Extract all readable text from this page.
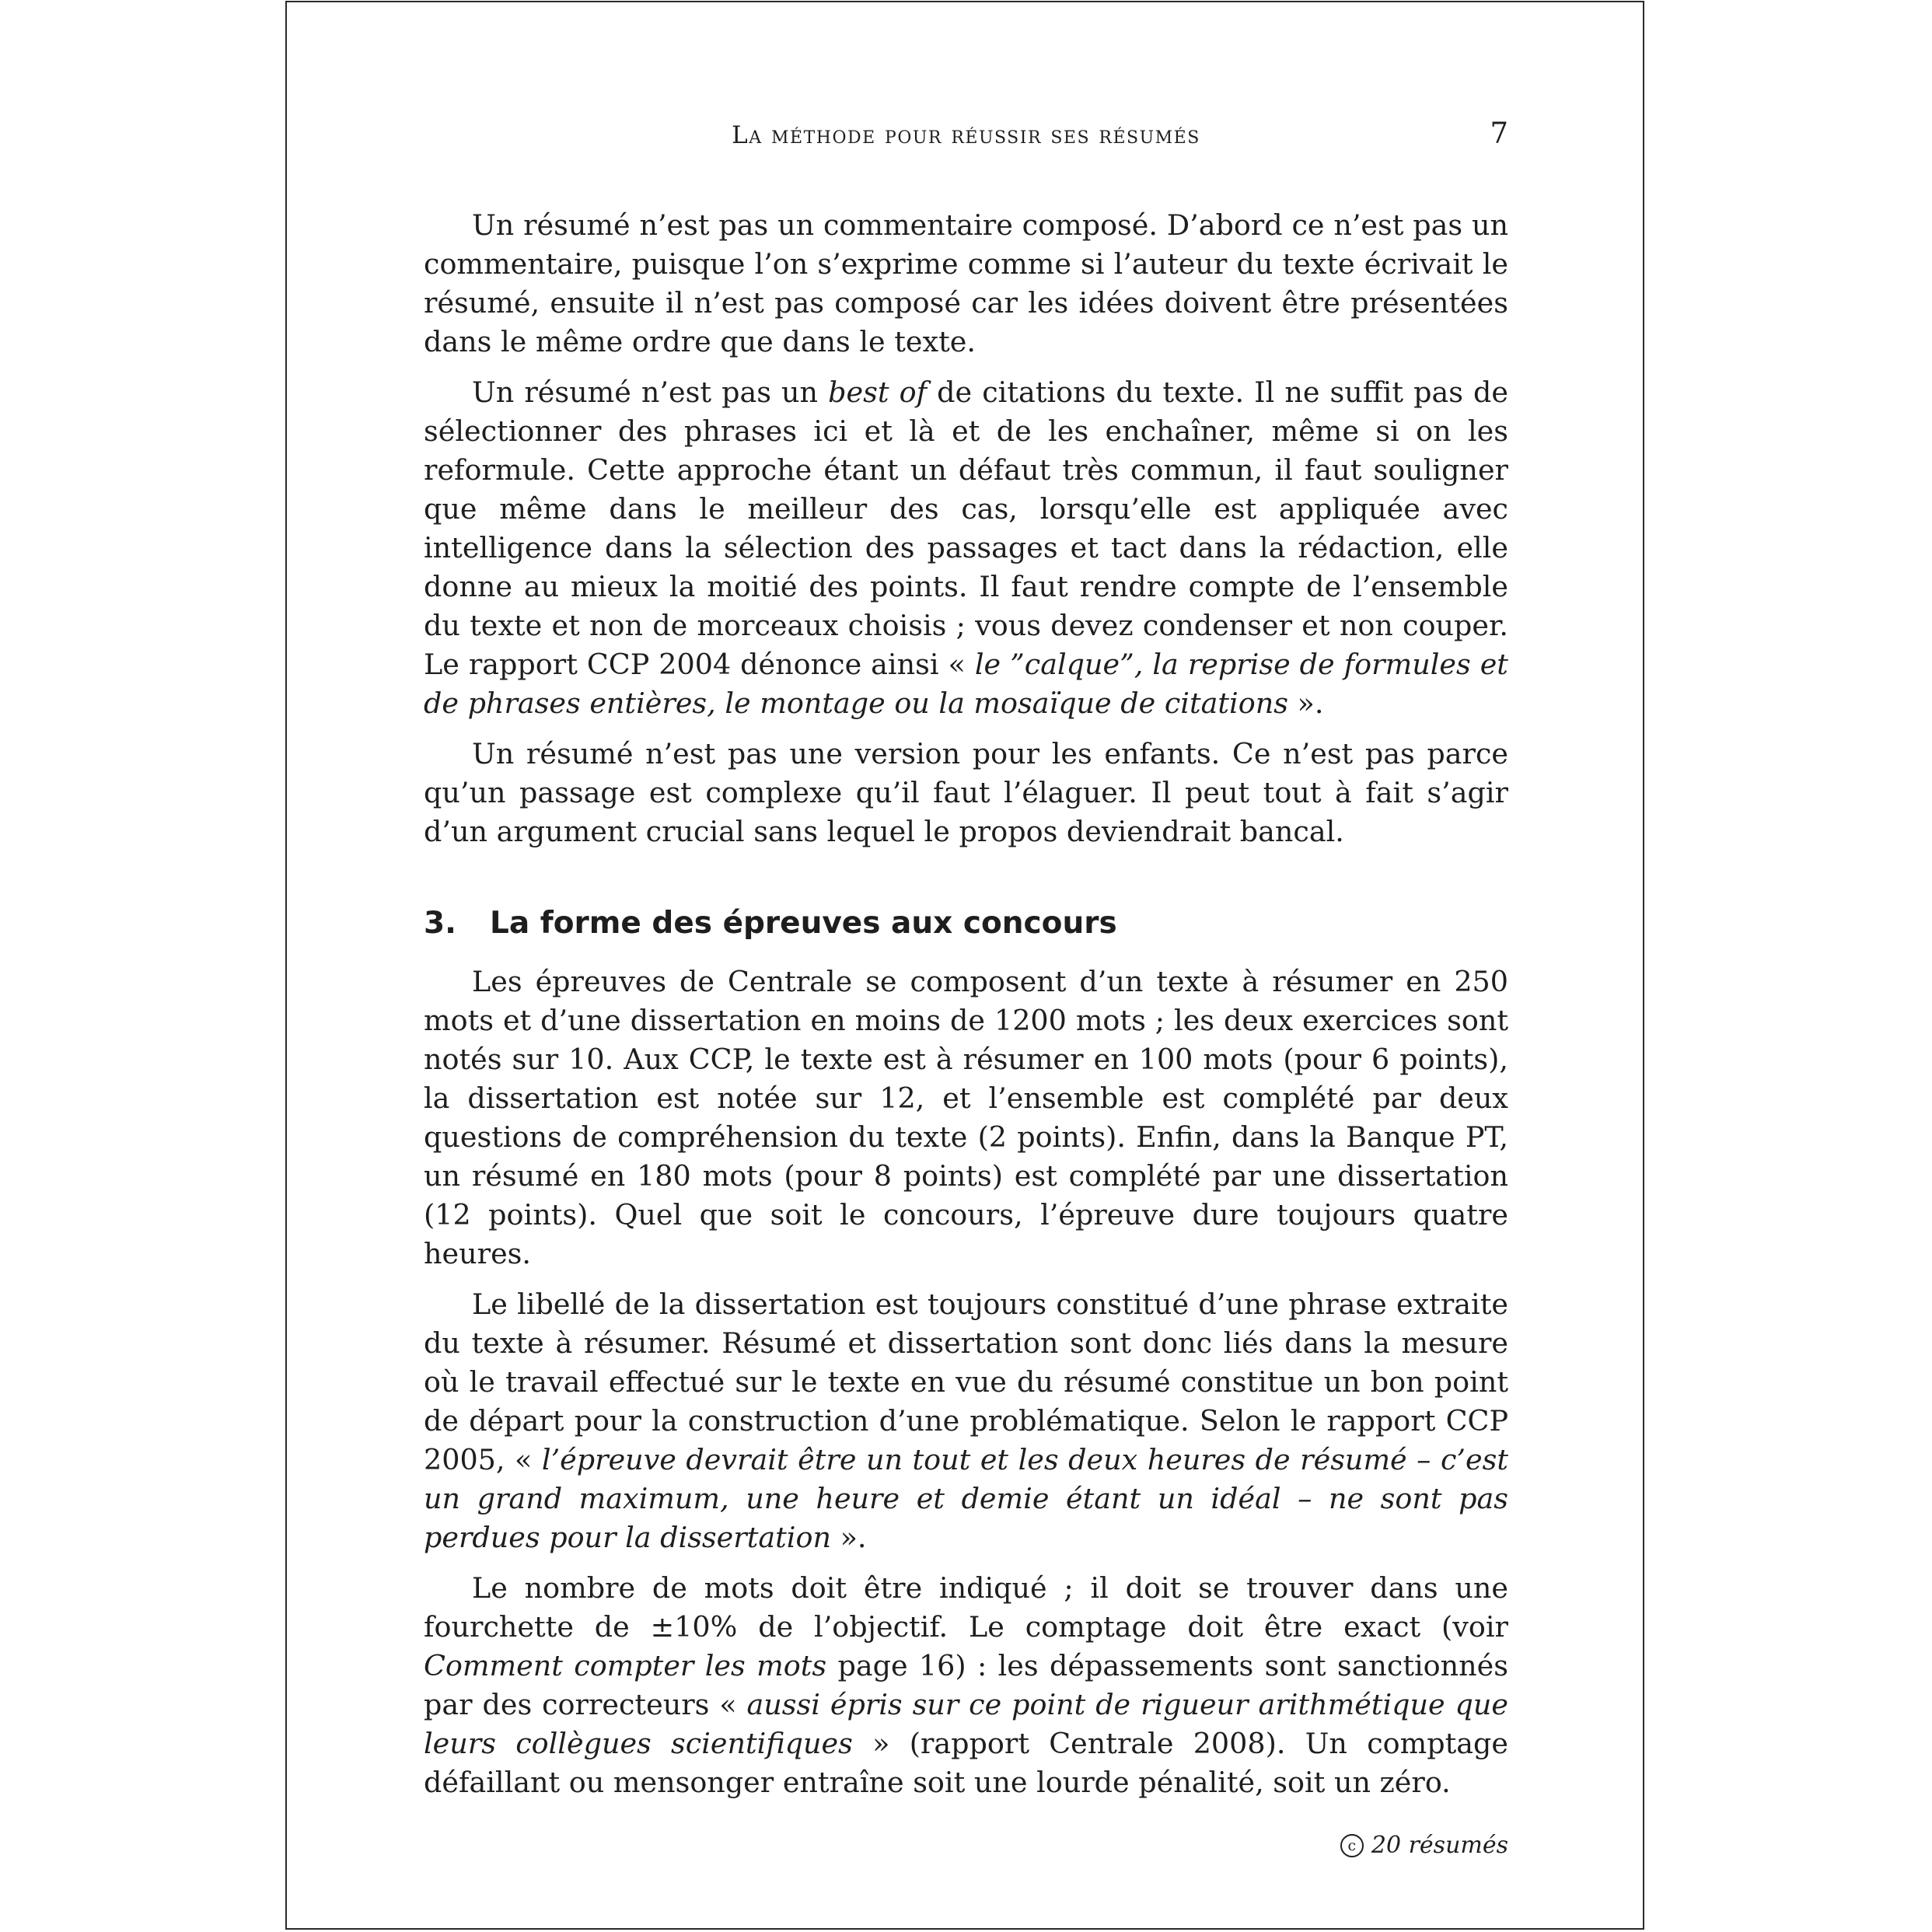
La méthode pour réussir ses résumés	7

Un résumé n’est pas un commentaire composé. D’abord ce n’est pas un commentaire, puisque l’on s’exprime comme si l’auteur du texte écrivait le résumé, ensuite il n’est pas composé car les idées doivent être présentées dans le même ordre que dans le texte.

Un résumé n’est pas un best of de citations du texte. Il ne suffit pas de sélectionner des phrases ici et là et de les enchaîner, même si on les reformule. Cette approche étant un défaut très commun, il faut souligner que même dans le meilleur des cas, lorsqu’elle est appliquée avec intelligence dans la sélection des passages et tact dans la rédaction, elle donne au mieux la moitié des points. Il faut rendre compte de l’ensemble du texte et non de morceaux choisis ; vous devez condenser et non couper. Le rapport CCP 2004 dénonce ainsi « le ”calque”, la reprise de formules et de phrases entières, le montage ou la mosaïque de citations ».

Un résumé n’est pas une version pour les enfants. Ce n’est pas parce qu’un passage est complexe qu’il faut l’élaguer. Il peut tout à fait s’agir d’un argument crucial sans lequel le propos deviendrait bancal.

3. La forme des épreuves aux concours

Les épreuves de Centrale se composent d’un texte à résumer en 250 mots et d’une dissertation en moins de 1200 mots ; les deux exercices sont notés sur 10. Aux CCP, le texte est à résumer en 100 mots (pour 6 points), la dissertation est notée sur 12, et l’ensemble est complété par deux questions de compréhension du texte (2 points). Enfin, dans la Banque PT, un résumé en 180 mots (pour 8 points) est complété par une dissertation (12 points). Quel que soit le concours, l’épreuve dure toujours quatre heures.

Le libellé de la dissertation est toujours constitué d’une phrase extraite du texte à résumer. Résumé et dissertation sont donc liés dans la mesure où le travail effectué sur le texte en vue du résumé constitue un bon point de départ pour la construction d’une problématique. Selon le rapport CCP 2005, « l’épreuve devrait être un tout et les deux heures de résumé – c’est un grand maximum, une heure et demie étant un idéal – ne sont pas perdues pour la dissertation ».

Le nombre de mots doit être indiqué ; il doit se trouver dans une fourchette de ±10% de l’objectif. Le comptage doit être exact (voir Comment compter les mots page 16) : les dépassements sont sanctionnés par des correcteurs « aussi épris sur ce point de rigueur arithmétique que leurs collègues scientifiques » (rapport Centrale 2008). Un comptage défaillant ou mensonger entraîne soit une lourde pénalité, soit un zéro.

c 20 résumés
